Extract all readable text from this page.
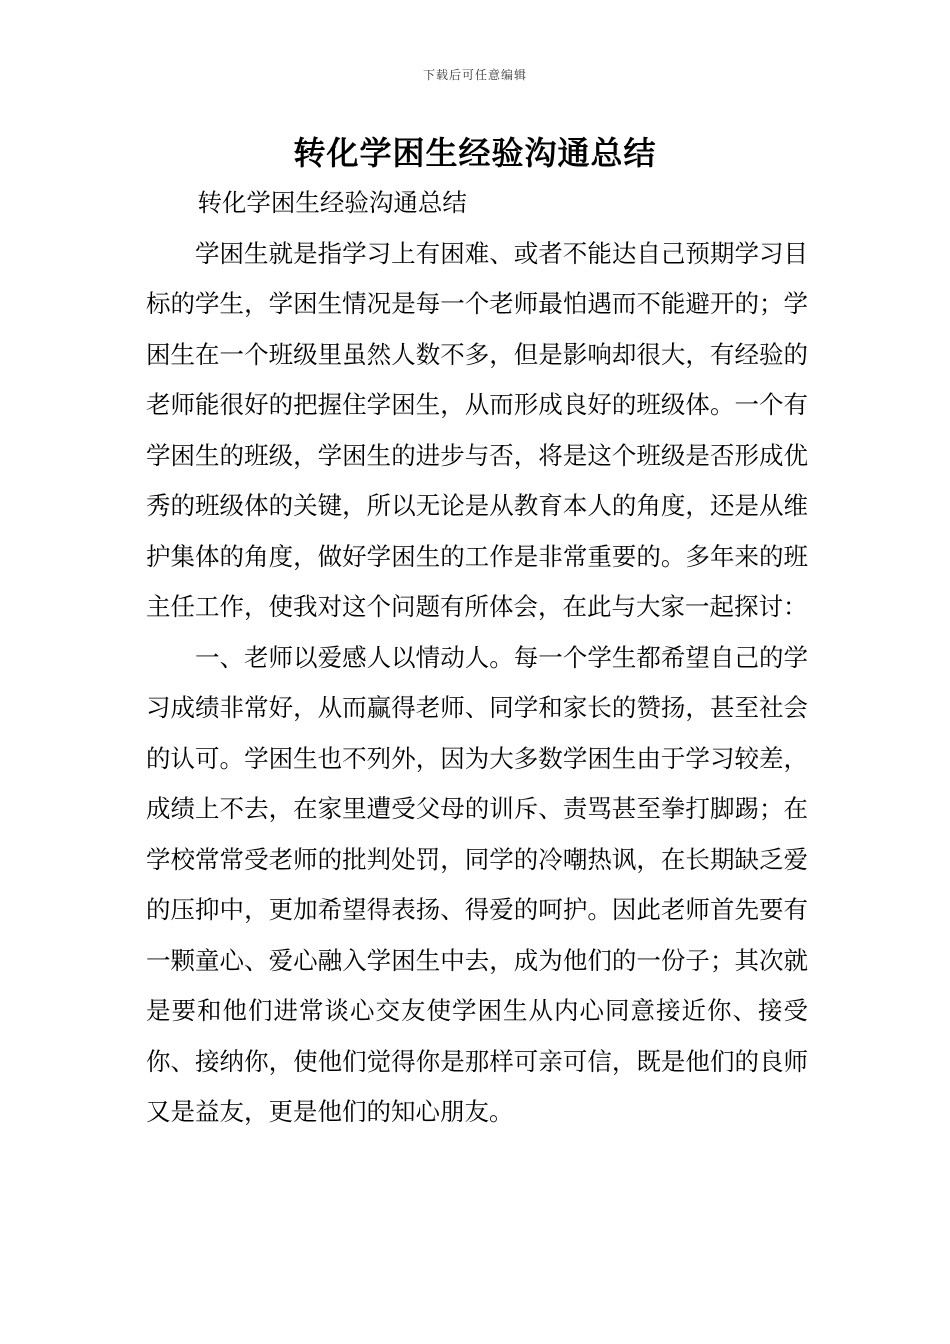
下载后可任意编辑
转化学困生经验沟通总结

转化学困生经验沟通总结

学困生就是指学习上有困难、或者不能达自己预期学习目标的学生，学困生情况是每一个老师最怕遇而不能避开的；学困生在一个班级里虽然人数不多，但是影响却很大，有经验的老师能很好的把握住学困生，从而形成良好的班级体。一个有学困生的班级，学困生的进步与否，将是这个班级是否形成优秀的班级体的关键，所以无论是从教育本人的角度，还是从维护集体的角度，做好学困生的工作是非常重要的。多年来的班主任工作，使我对这个问题有所体会，在此与大家一起探讨：

一、老师以爱感人以情动人。每一个学生都希望自己的学习成绩非常好，从而赢得老师、同学和家长的赞扬，甚至社会的认可。学困生也不列外，因为大多数学困生由于学习较差，成绩上不去，在家里遭受父母的训斥、责骂甚至拳打脚踢；在学校常常受老师的批判处罚，同学的冷嘲热讽，在长期缺乏爱的压抑中，更加希望得表扬、得爱的呵护。因此老师首先要有一颗童心、爱心融入学困生中去，成为他们的一份子；其次就是要和他们进常谈心交友使学困生从内心同意接近你、接受你、接纳你，使他们觉得你是那样可亲可信，既是他们的良师又是益友，更是他们的知心朋友。
